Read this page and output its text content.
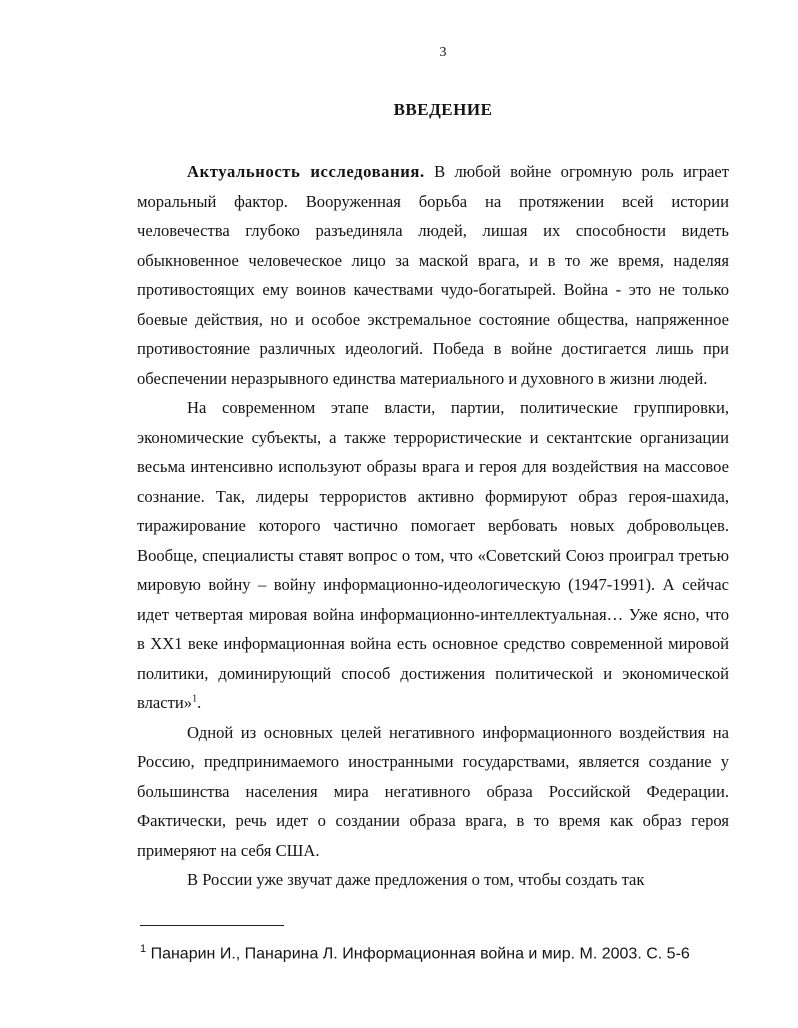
3
ВВЕДЕНИЕ

Актуальность исследования. В любой войне огромную роль играет моральный фактор. Вооруженная борьба на протяжении всей истории человечества глубоко разъединяла людей, лишая их способности видеть обыкновенное человеческое лицо за маской врага, и в то же время, наделяя противостоящих ему воинов качествами чудо-богатырей. Война - это не только боевые действия, но и особое экстремальное состояние общества, напряженное противостояние различных идеологий. Победа в войне достигается лишь при обеспечении неразрывного единства материального и духовного в жизни людей.

На современном этапе власти, партии, политические группировки, экономические субъекты, а также террористические и сектантские организации весьма интенсивно используют образы врага и героя для воздействия на массовое сознание. Так, лидеры террористов активно формируют образ героя-шахида, тиражирование которого частично помогает вербовать новых добровольцев. Вообще, специалисты ставят вопрос о том, что «Советский Союз проиграл третью мировую войну – войну информационно-идеологическую (1947-1991). А сейчас идет четвертая мировая война информационно-интеллектуальная… Уже ясно, что в XX1 веке информационная война есть основное средство современной мировой политики, доминирующий способ достижения политической и экономической власти»$^1$.

Одной из основных целей негативного информационного воздействия на Россию, предпринимаемого иностранными государствами, является создание у большинства населения мира негативного образа Российской Федерации. Фактически, речь идет о создании образа врага, в то время как образ героя примеряют на себя США.

В России уже звучат даже предложения о том, чтобы создать так

$^1$ Панарин И., Панарина Л. Информационная война и мир. М. 2003. С. 5-6
